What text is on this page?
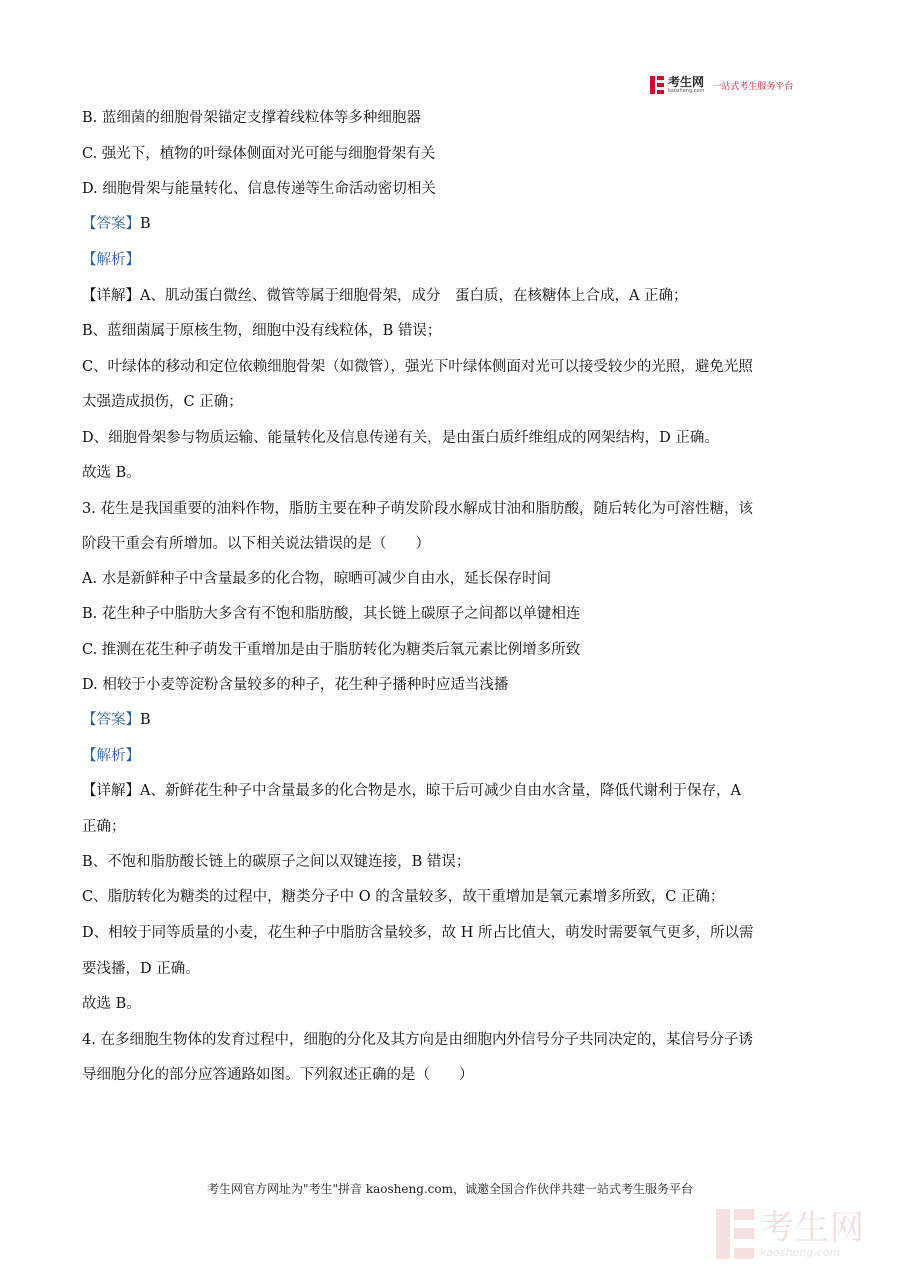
考生网
kaosheng.com 一站式考生服务平台

B. 蓝细菌的细胞骨架锚定支撑着线粒体等多种细胞器

C. 强光下，植物的叶绿体侧面对光可能与细胞骨架有关

D. 细胞骨架与能量转化、信息传递等生命活动密切相关

【答案】B

【解析】

【详解】A、肌动蛋白微丝、微管等属于细胞骨架，成分　蛋白质，在核糖体上合成，A 正确；

B、蓝细菌属于原核生物，细胞中没有线粒体，B 错误；

C、叶绿体的移动和定位依赖细胞骨架（如微管），强光下叶绿体侧面对光可以接受较少的光照，避免光照

太强造成损伤，C 正确；

D、细胞骨架参与物质运输、能量转化及信息传递有关，是由蛋白质纤维组成的网架结构，D 正确。

故选 B。

3. 花生是我国重要的油料作物，脂肪主要在种子萌发阶段水解成甘油和脂肪酸，随后转化为可溶性糖，该

阶段干重会有所增加。以下相关说法错误的是（　　）

A. 水是新鲜种子中含量最多的化合物，晾晒可减少自由水，延长保存时间

B. 花生种子中脂肪大多含有不饱和脂肪酸，其长链上碳原子之间都以单键相连

C. 推测在花生种子萌发干重增加是由于脂肪转化为糖类后氧元素比例增多所致

D. 相较于小麦等淀粉含量较多的种子，花生种子播种时应适当浅播

【答案】B

【解析】

【详解】A、新鲜花生种子中含量最多的化合物是水，晾干后可减少自由水含量，降低代谢利于保存，A

正确；

B、不饱和脂肪酸长链上的碳原子之间以双键连接，B 错误；

C、脂肪转化为糖类的过程中，糖类分子中 O 的含量较多，故干重增加是氧元素增多所致，C 正确；

D、相较于同等质量的小麦，花生种子中脂肪含量较多，故 H 所占比值大，萌发时需要氧气更多，所以需

要浅播，D 正确。

故选 B。

4. 在多细胞生物体的发育过程中，细胞的分化及其方向是由细胞内外信号分子共同决定的，某信号分子诱

导细胞分化的部分应答通路如图。下列叙述正确的是（　　）

考生网官方网址为"考生"拼音 kaosheng.com，诚邀全国合作伙伴共建一站式考生服务平台

考生网
kaosheng.com
